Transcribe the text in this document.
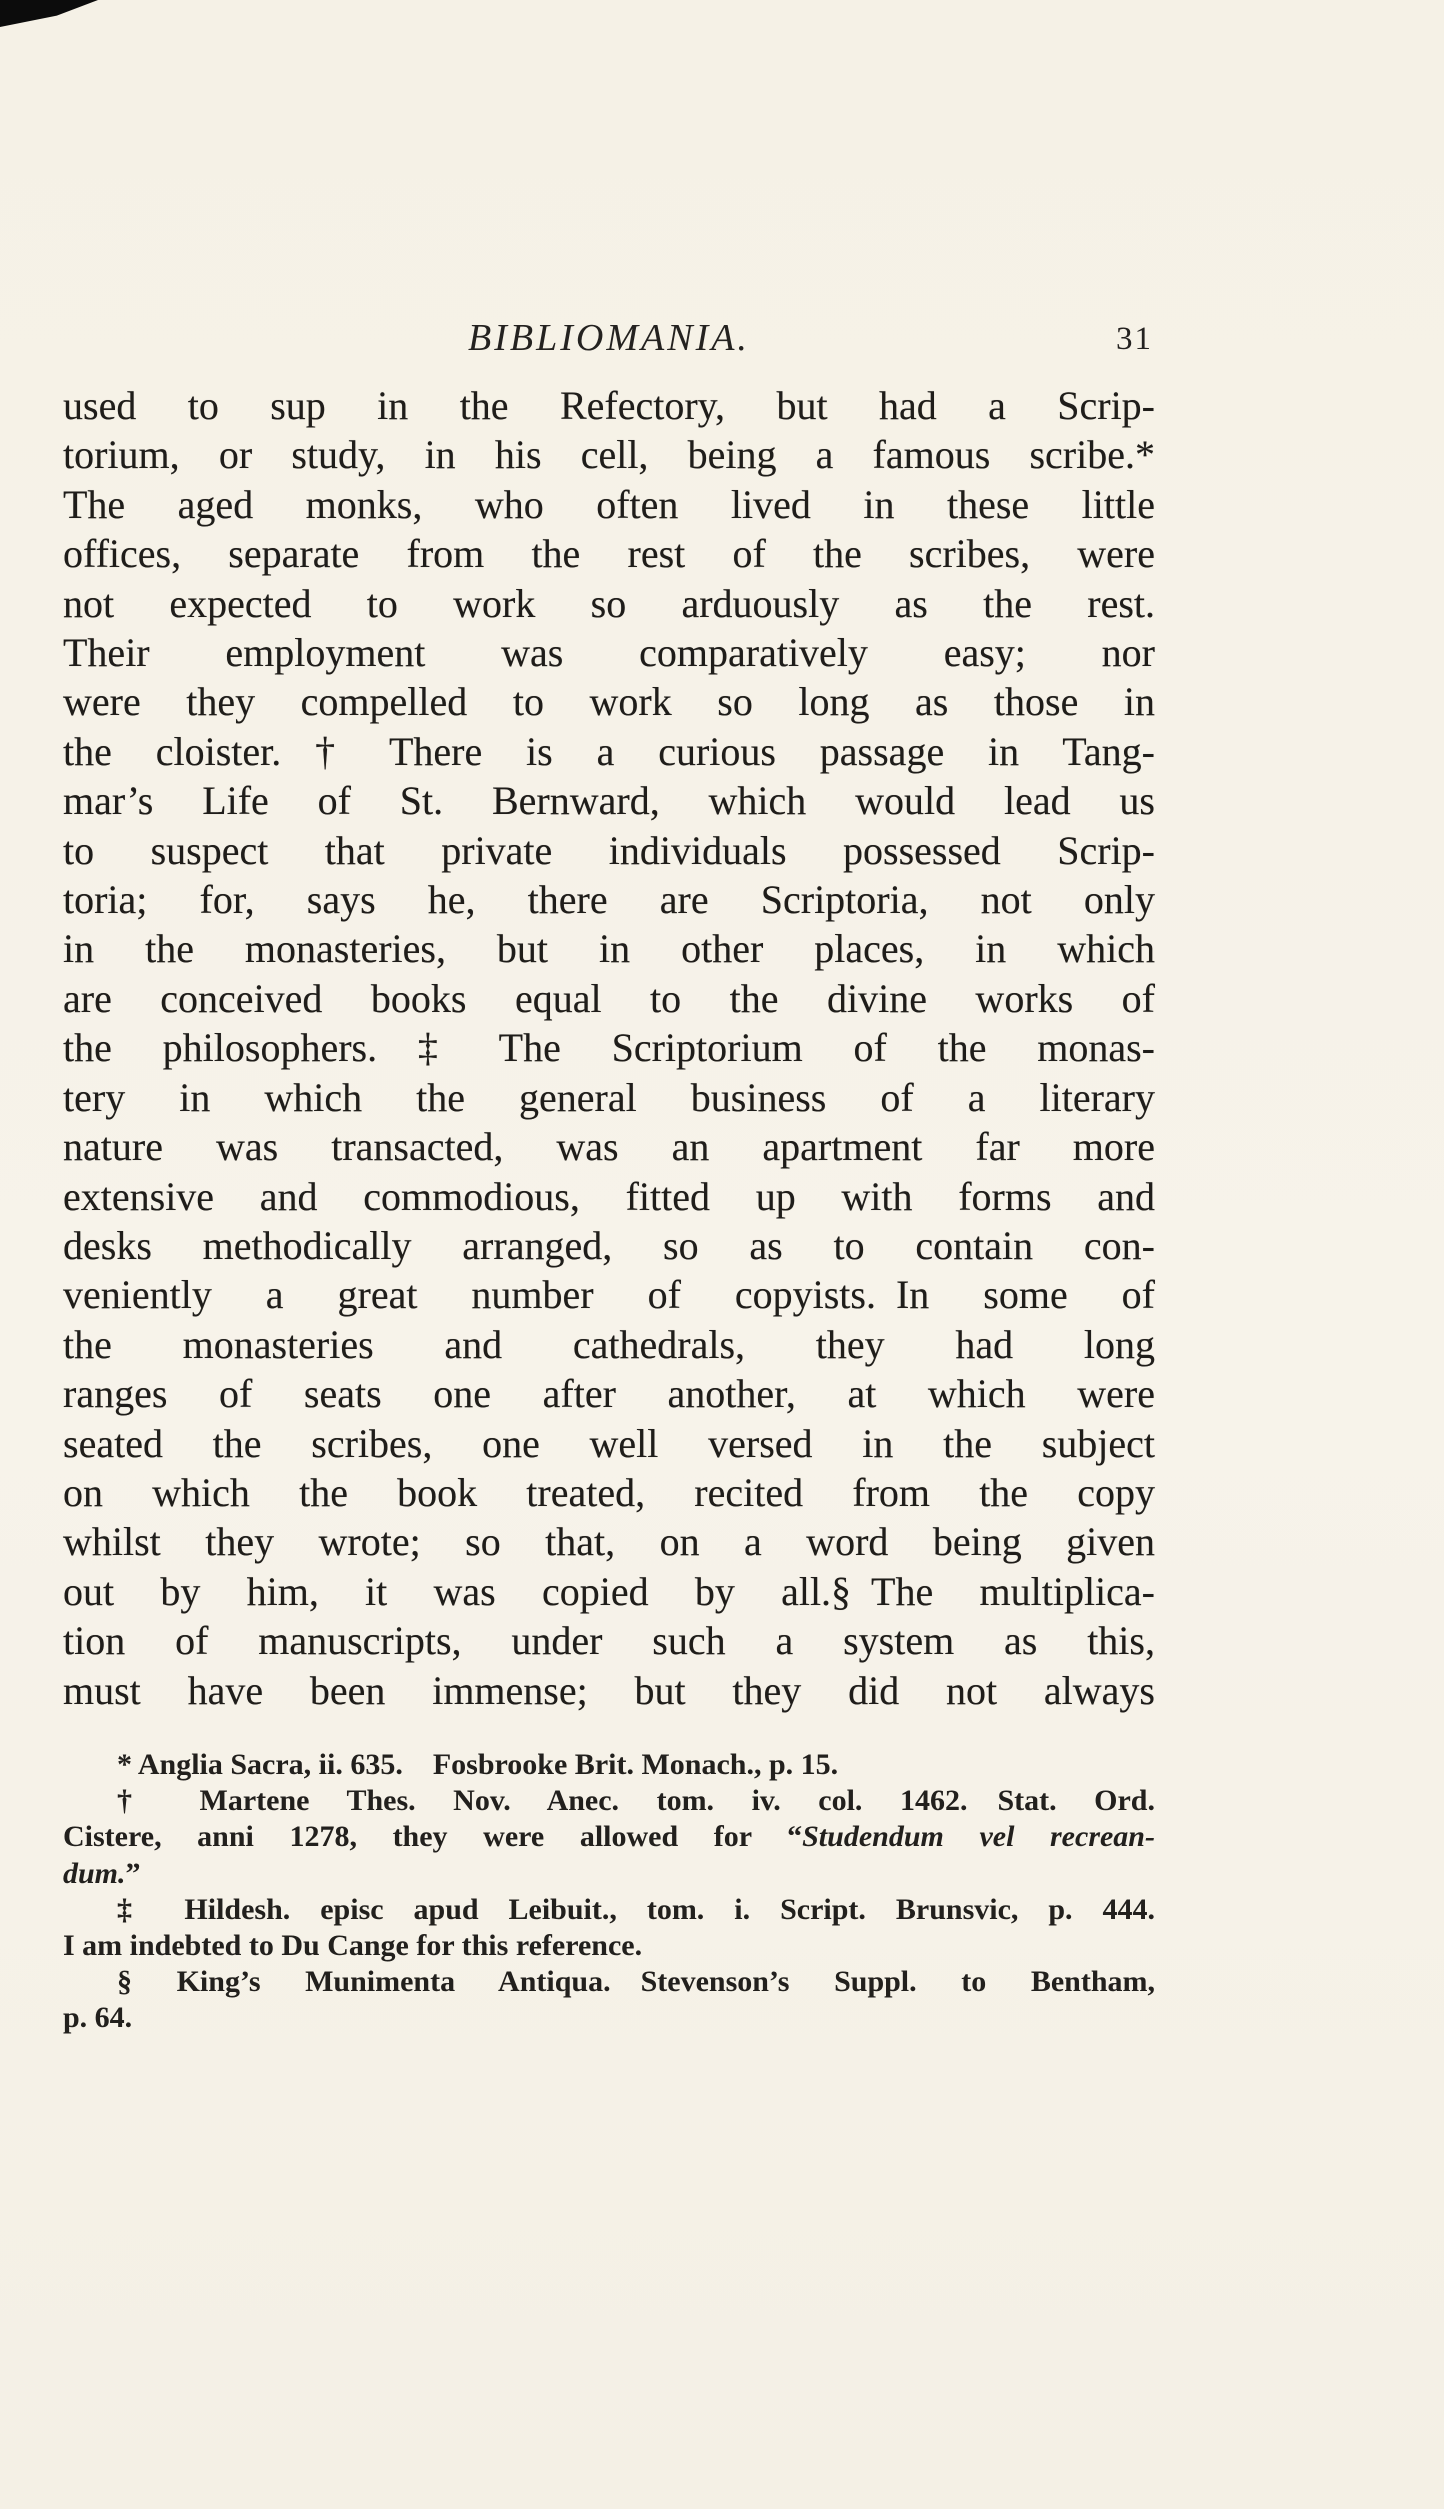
BIBLIOMANIA.	31
used to sup in the Refectory, but had a Scrip-
torium, or study, in his cell, being a famous scribe.*
The aged monks, who often lived in these little
offices, separate from the rest of the scribes, were
not expected to work so arduously as the rest.
Their employment was comparatively easy; nor
were they compelled to work so long as those in
the cloister.† There is a curious passage in Tang-
mar’s Life of St. Bernward, which would lead us
to suspect that private individuals possessed Scrip-
toria; for, says he, there are Scriptoria, not only
in the monasteries, but in other places, in which
are conceived books equal to the divine works of
the philosophers.‡ The Scriptorium of the monas-
tery in which the general business of a literary
nature was transacted, was an apartment far more
extensive and commodious, fitted up with forms and
desks methodically arranged, so as to contain con-
veniently a great number of copyists. In some of
the monasteries and cathedrals, they had long
ranges of seats one after another, at which were
seated the scribes, one well versed in the subject
on which the book treated, recited from the copy
whilst they wrote; so that, on a word being given
out by him, it was copied by all.§ The multiplica-
tion of manuscripts, under such a system as this,
must have been immense; but they did not always
* Anglia Sacra, ii. 635.  Fosbrooke Brit. Monach., p. 15.
† Martene Thes. Nov. Anec. tom. iv. col. 1462.  Stat. Ord.
Cistere, anni 1278, they were allowed for “Studendum vel recrean-
dum.”
‡ Hildesh. episc apud Leibuit., tom. i.  Script. Brunsvic, p. 444.
I am indebted to Du Cange for this reference.
§ King’s Munimenta Antiqua.  Stevenson’s Suppl. to Bentham,
p. 64.
